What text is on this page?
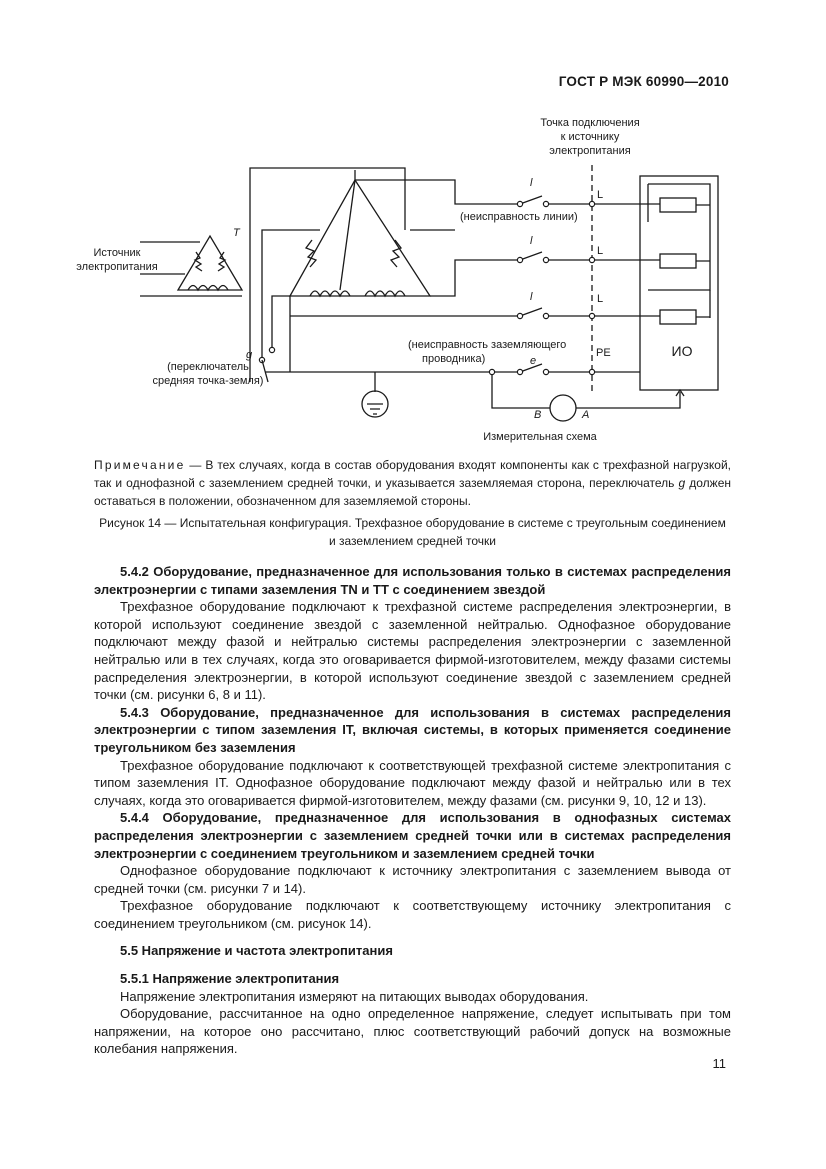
ГОСТ Р МЭК 60990—2010
Точка подключения
к источнику
электропитания
Источник
электропитания
T
g
(переключатель
средняя точка-земля)
l
l
l
(неисправность линии)
L
L
L
PE
(неисправность заземляющего
проводника)	e
B	A
ИО
Измерительная схема
Примечание — В тех случаях, когда в состав оборудования входят компоненты как с трехфазной нагрузкой, так и однофазной с заземлением средней точки, и указывается заземляемая сторона, переключатель g должен оставаться в положении, обозначенном для заземляемой стороны.
Рисунок 14 — Испытательная конфигурация. Трехфазное оборудование в системе с треугольным соединением
и заземлением средней точки

5.4.2 Оборудование, предназначенное для использования только в системах распределения электроэнергии с типами заземления TN и TT с соединением звездой

Трехфазное оборудование подключают к трехфазной системе распределения электроэнергии, в которой используют соединение звездой с заземленной нейтралью. Однофазное оборудование подключают между фазой и нейтралью системы распределения электроэнергии с заземленной нейтралью или в тех случаях, когда это оговаривается фирмой-изготовителем, между фазами системы распределения электроэнергии, в которой используют соединение звездой с заземлением средней точки (см. рисунки 6, 8 и 11).

5.4.3 Оборудование, предназначенное для использования в системах распределения электроэнергии с типом заземления IT, включая системы, в которых применяется соединение треугольником без заземления

Трехфазное оборудование подключают к соответствующей трехфазной системе электропитания с типом заземления IT. Однофазное оборудование подключают между фазой и нейтралью или в тех случаях, когда это оговаривается фирмой-изготовителем, между фазами (см. рисунки 9, 10, 12 и 13).

5.4.4 Оборудование, предназначенное для использования в однофазных системах распределения электроэнергии с заземлением средней точки или в системах распределения электроэнергии с соединением треугольником и заземлением средней точки

Однофазное оборудование подключают к источнику электропитания с заземлением вывода от средней точки (см. рисунки 7 и 14).

Трехфазное оборудование подключают к соответствующему источнику электропитания с соединением треугольником (см. рисунок 14).

5.5 Напряжение и частота электропитания

5.5.1 Напряжение электропитания

Напряжение электропитания измеряют на питающих выводах оборудования.

Оборудование, рассчитанное на одно определенное напряжение, следует испытывать при том напряжении, на которое оно рассчитано, плюс соответствующий рабочий допуск на возможные колебания напряжения.

11
